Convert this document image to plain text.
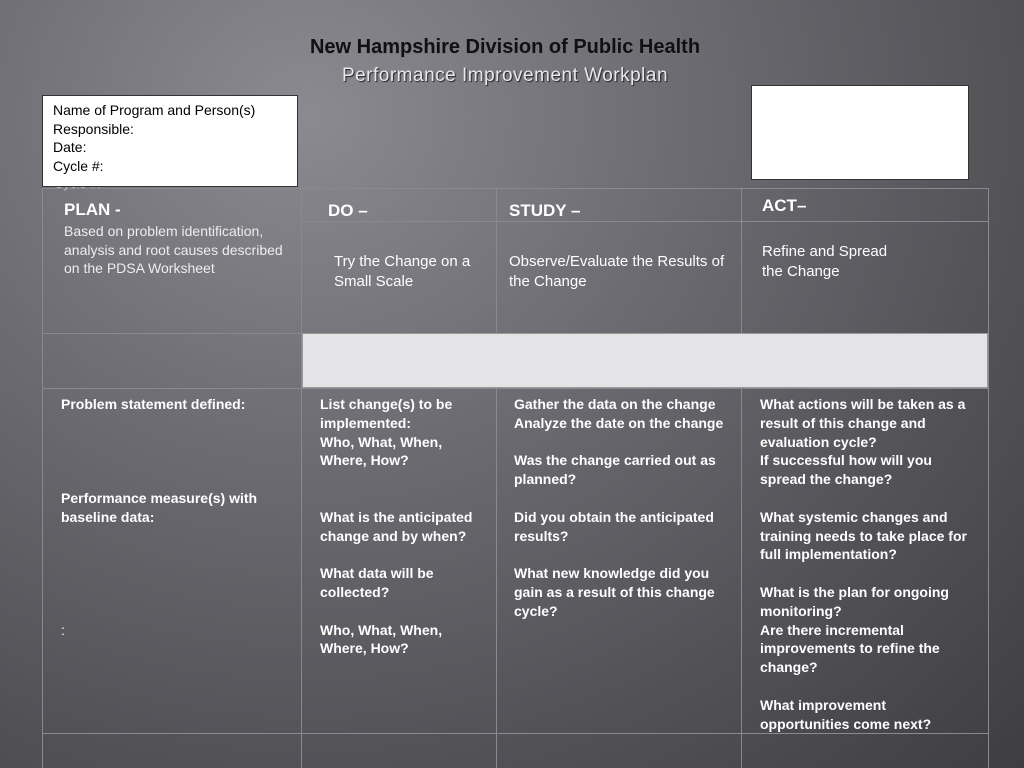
New Hampshire Division of Public Health
Performance Improvement Workplan
Name of Program and Person(s)
Responsible:
Date:
Cycle #:
PLAN -
Based on problem identification, analysis and root causes described on the PDSA Worksheet
Problem statement defined:
Performance measure(s) with baseline data:
:
DO –
Try the Change on a Small Scale
List change(s) to be implemented:
Who, What, When, Where, How?
What is the anticipated change and by when?
What data will be collected?
Who, What, When, Where, How?
STUDY –
Observe/Evaluate the Results of the Change
Gather the data on the change
Analyze the date on the change
Was the change carried out as planned?
Did you obtain the anticipated results?
What new knowledge did you gain as a result of this change cycle?
ACT–
Refine and Spread the Change
What actions will be taken as a result of this change and evaluation cycle?
If successful how will you spread the change?
What systemic changes and training needs to take place for full implementation?
What is the plan for ongoing monitoring?
Are there incremental improvements to refine the change?
What improvement opportunities come next?
